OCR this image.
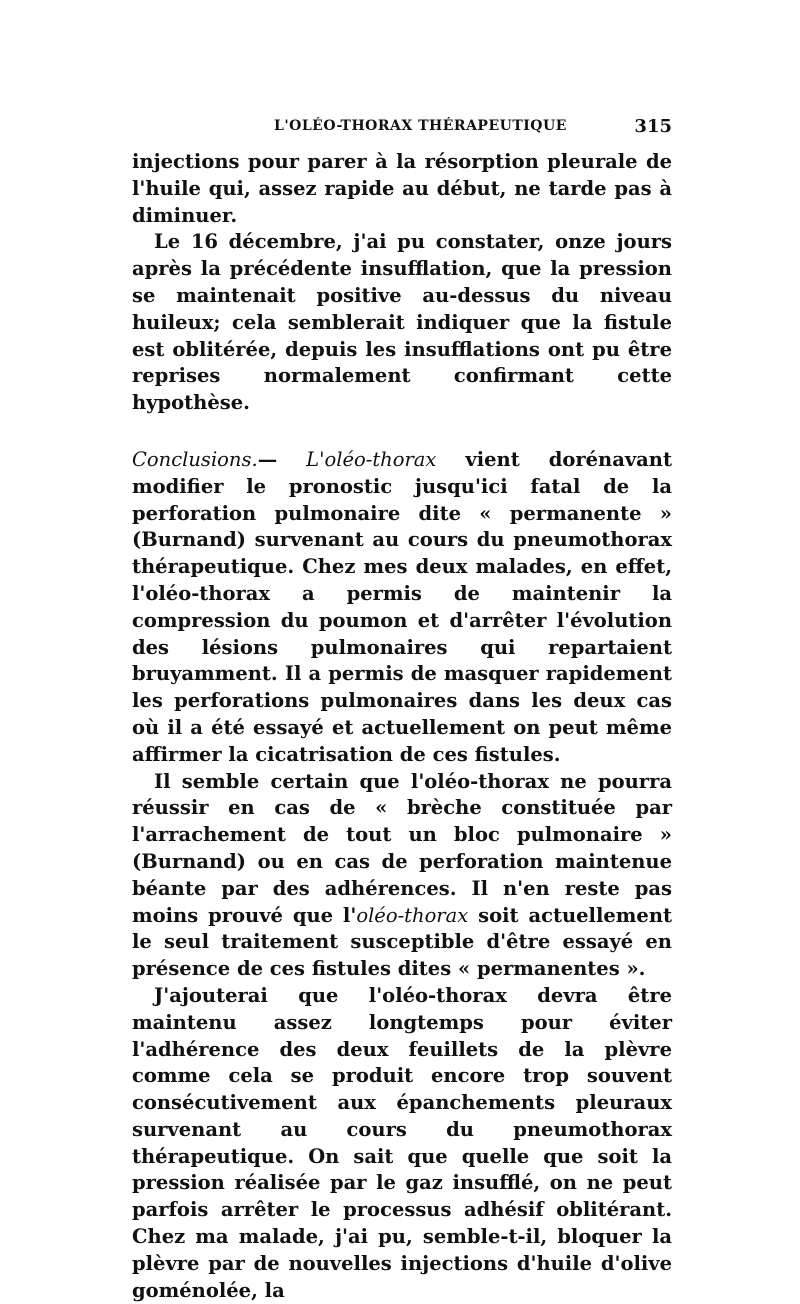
L'OLÉO-THORAX THÉRAPEUTIQUE	315

injections pour parer à la résorption pleurale de l'huile qui, assez rapide au début, ne tarde pas à diminuer.

Le 16 décembre, j'ai pu constater, onze jours après la précédente insufflation, que la pression se maintenait positive au-dessus du niveau huileux; cela semblerait indiquer que la fistule est oblitérée, depuis les insufflations ont pu être reprises normalement confirmant cette hypothèse.

Conclusions.— L'oléo-thorax vient dorénavant modifier le pronostic jusqu'ici fatal de la perforation pulmonaire dite « permanente » (Burnand) survenant au cours du pneumothorax thérapeutique. Chez mes deux malades, en effet, l'oléo-thorax a permis de maintenir la compression du poumon et d'arrêter l'évolution des lésions pulmonaires qui repartaient bruyamment. Il a permis de masquer rapidement les perforations pulmonaires dans les deux cas où il a été essayé et actuellement on peut même affirmer la cicatrisation de ces fistules.

Il semble certain que l'oléo-thorax ne pourra réussir en cas de « brèche constituée par l'arrachement de tout un bloc pulmonaire » (Burnand) ou en cas de perforation maintenue béante par des adhérences. Il n'en reste pas moins prouvé que l'oléo-thorax soit actuellement le seul traitement susceptible d'être essayé en présence de ces fistules dites « permanentes ».

J'ajouterai que l'oléo-thorax devra être maintenu assez longtemps pour éviter l'adhérence des deux feuillets de la plèvre comme cela se produit encore trop souvent consécutivement aux épanchements pleuraux survenant au cours du pneumothorax thérapeutique. On sait que quelle que soit la pression réalisée par le gaz insufflé, on ne peut parfois arrêter le processus adhésif oblitérant. Chez ma malade, j'ai pu, semble-t-il, bloquer la plèvre par de nouvelles injections d'huile d'olive goménolée, la
